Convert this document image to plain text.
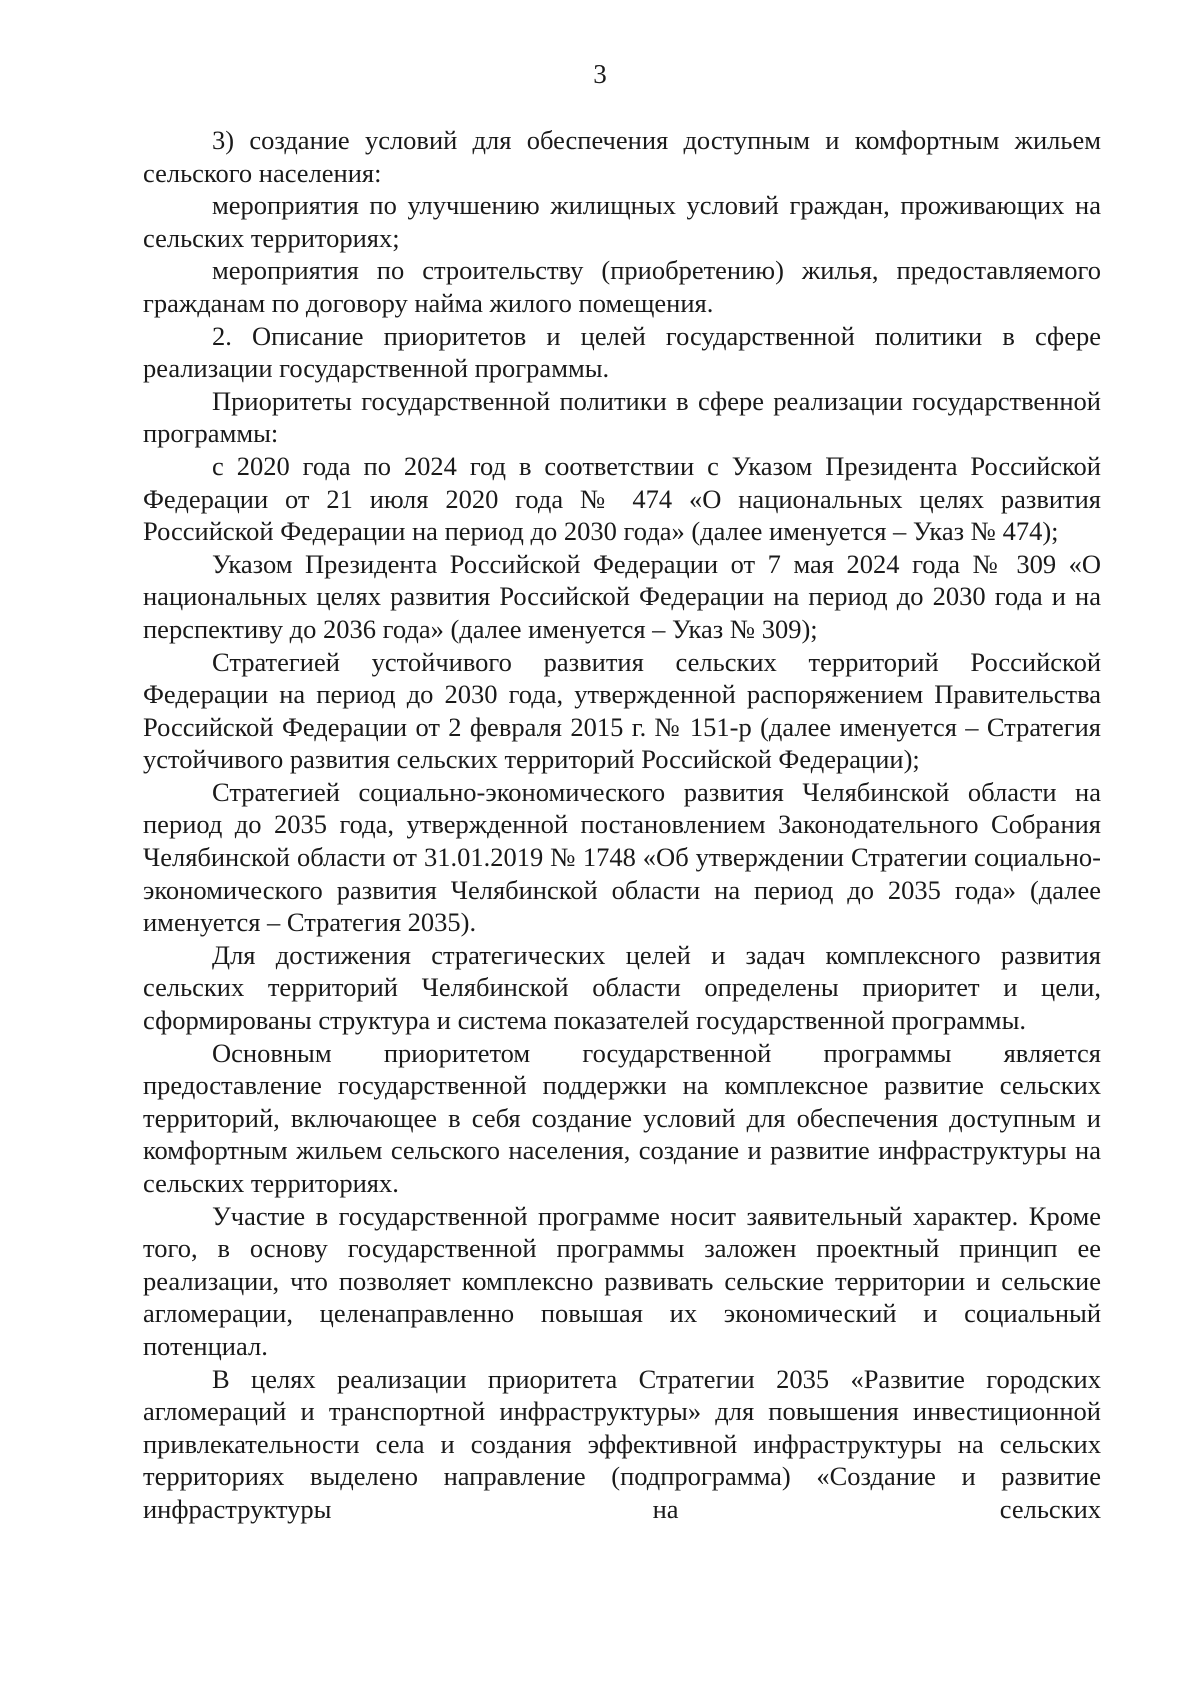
3

3) создание условий для обеспечения доступным и комфортным жильем сельского населения:

мероприятия по улучшению жилищных условий граждан, проживающих на сельских территориях;

мероприятия по строительству (приобретению) жилья, предоставляемого гражданам по договору найма жилого помещения.

2. Описание приоритетов и целей государственной политики в сфере реализации государственной программы.

Приоритеты государственной политики в сфере реализации государственной программы:

с 2020 года по 2024 год в соответствии с Указом Президента Российской Федерации от 21 июля 2020 года № 474 «О национальных целях развития Российской Федерации на период до 2030 года» (далее именуется – Указ № 474);

Указом Президента Российской Федерации от 7 мая 2024 года № 309 «О национальных целях развития Российской Федерации на период до 2030 года и на перспективу до 2036 года» (далее именуется – Указ № 309);

Стратегией устойчивого развития сельских территорий Российской Федерации на период до 2030 года, утвержденной распоряжением Правительства Российской Федерации от 2 февраля 2015 г. № 151-р (далее именуется – Стратегия устойчивого развития сельских территорий Российской Федерации);

Стратегией социально-экономического развития Челябинской области на период до 2035 года, утвержденной постановлением Законодательного Собрания Челябинской области от 31.01.2019 № 1748 «Об утверждении Стратегии социально-экономического развития Челябинской области на период до 2035 года» (далее именуется – Стратегия 2035).

Для достижения стратегических целей и задач комплексного развития сельских территорий Челябинской области определены приоритет и цели, сформированы структура и система показателей государственной программы.

Основным приоритетом государственной программы является предоставление государственной поддержки на комплексное развитие сельских территорий, включающее в себя создание условий для обеспечения доступным и комфортным жильем сельского населения, создание и развитие инфраструктуры на сельских территориях.

Участие в государственной программе носит заявительный характер. Кроме того, в основу государственной программы заложен проектный принцип ее реализации, что позволяет комплексно развивать сельские территории и сельские агломерации, целенаправленно повышая их экономический и социальный потенциал.

В целях реализации приоритета Стратегии 2035 «Развитие городских агломераций и транспортной инфраструктуры» для повышения инвестиционной привлекательности села и создания эффективной инфраструктуры на сельских территориях выделено направление (подпрограмма) «Создание и развитие инфраструктуры на сельских
